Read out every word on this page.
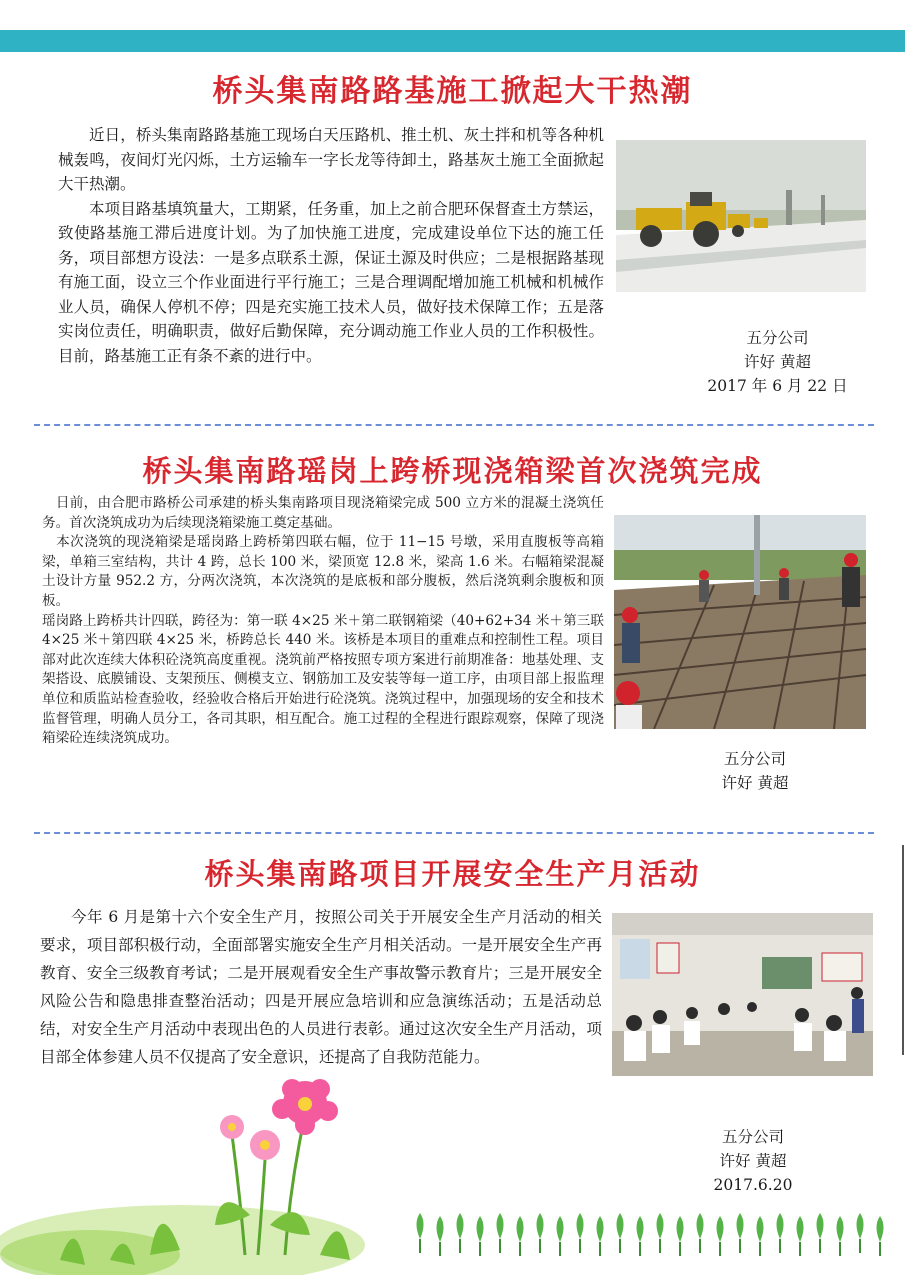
桥头集南路路基施工掀起大干热潮

近日，桥头集南路路基施工现场白天压路机、推土机、灰土拌和机等各种机械轰鸣，夜间灯光闪烁，土方运输车一字长龙等待卸土，路基灰土施工全面掀起大干热潮。

本项目路基填筑量大，工期紧，任务重，加上之前合肥环保督查土方禁运，致使路基施工滞后进度计划。为了加快施工进度，完成建设单位下达的施工任务，项目部想方设法：一是多点联系土源，保证土源及时供应；二是根据路基现有施工面，设立三个作业面进行平行施工；三是合理调配增加施工机械和机械作业人员，确保人停机不停；四是充实施工技术人员，做好技术保障工作；五是落实岗位责任，明确职责，做好后勤保障，充分调动施工作业人员的工作积极性。目前，路基施工正有条不紊的进行中。

五分公司
许好 黄超
2017 年 6 月 22 日
桥头集南路瑶岗上跨桥现浇箱梁首次浇筑完成

　日前，由合肥市路桥公司承建的桥头集南路项目现浇箱梁完成 500 立方米的混凝土浇筑任务。首次浇筑成功为后续现浇箱梁施工奠定基础。

　本次浇筑的现浇箱梁是瑶岗路上跨桥第四联右幅，位于 11−15 号墩，采用直腹板等高箱梁，单箱三室结构，共计 4 跨，总长 100 米，梁顶宽 12.8 米，梁高 1.6 米。右幅箱梁混凝土设计方量 952.2 方，分两次浇筑，本次浇筑的是底板和部分腹板，然后浇筑剩余腹板和顶板。

瑶岗路上跨桥共计四联，跨径为：第一联 4×25 米＋第二联钢箱梁（40+62+34 米＋第三联 4×25 米＋第四联 4×25 米，桥跨总长 440 米。该桥是本项目的重难点和控制性工程。项目部对此次连续大体积砼浇筑高度重视。浇筑前严格按照专项方案进行前期准备：地基处理、支架搭设、底膜铺设、支架预压、侧模支立、钢筋加工及安装等每一道工序，由项目部上报监理单位和质监站检查验收，经验收合格后开始进行砼浇筑。浇筑过程中，加强现场的安全和技术监督管理，明确人员分工，各司其职，相互配合。施工过程的全程进行跟踪观察，保障了现浇箱梁砼连续浇筑成功。

五分公司
许好 黄超
桥头集南路项目开展安全生产月活动

今年 6 月是第十六个安全生产月，按照公司关于开展安全生产月活动的相关要求，项目部积极行动，全面部署实施安全生产月相关活动。一是开展安全生产再教育、安全三级教育考试；二是开展观看安全生产事故警示教育片；三是开展安全风险公告和隐患排查整治活动；四是开展应急培训和应急演练活动；五是活动总结，对安全生产月活动中表现出色的人员进行表彰。通过这次安全生产月活动，项目部全体参建人员不仅提高了安全意识，还提高了自我防范能力。

五分公司
许好 黄超
2017.6.20
